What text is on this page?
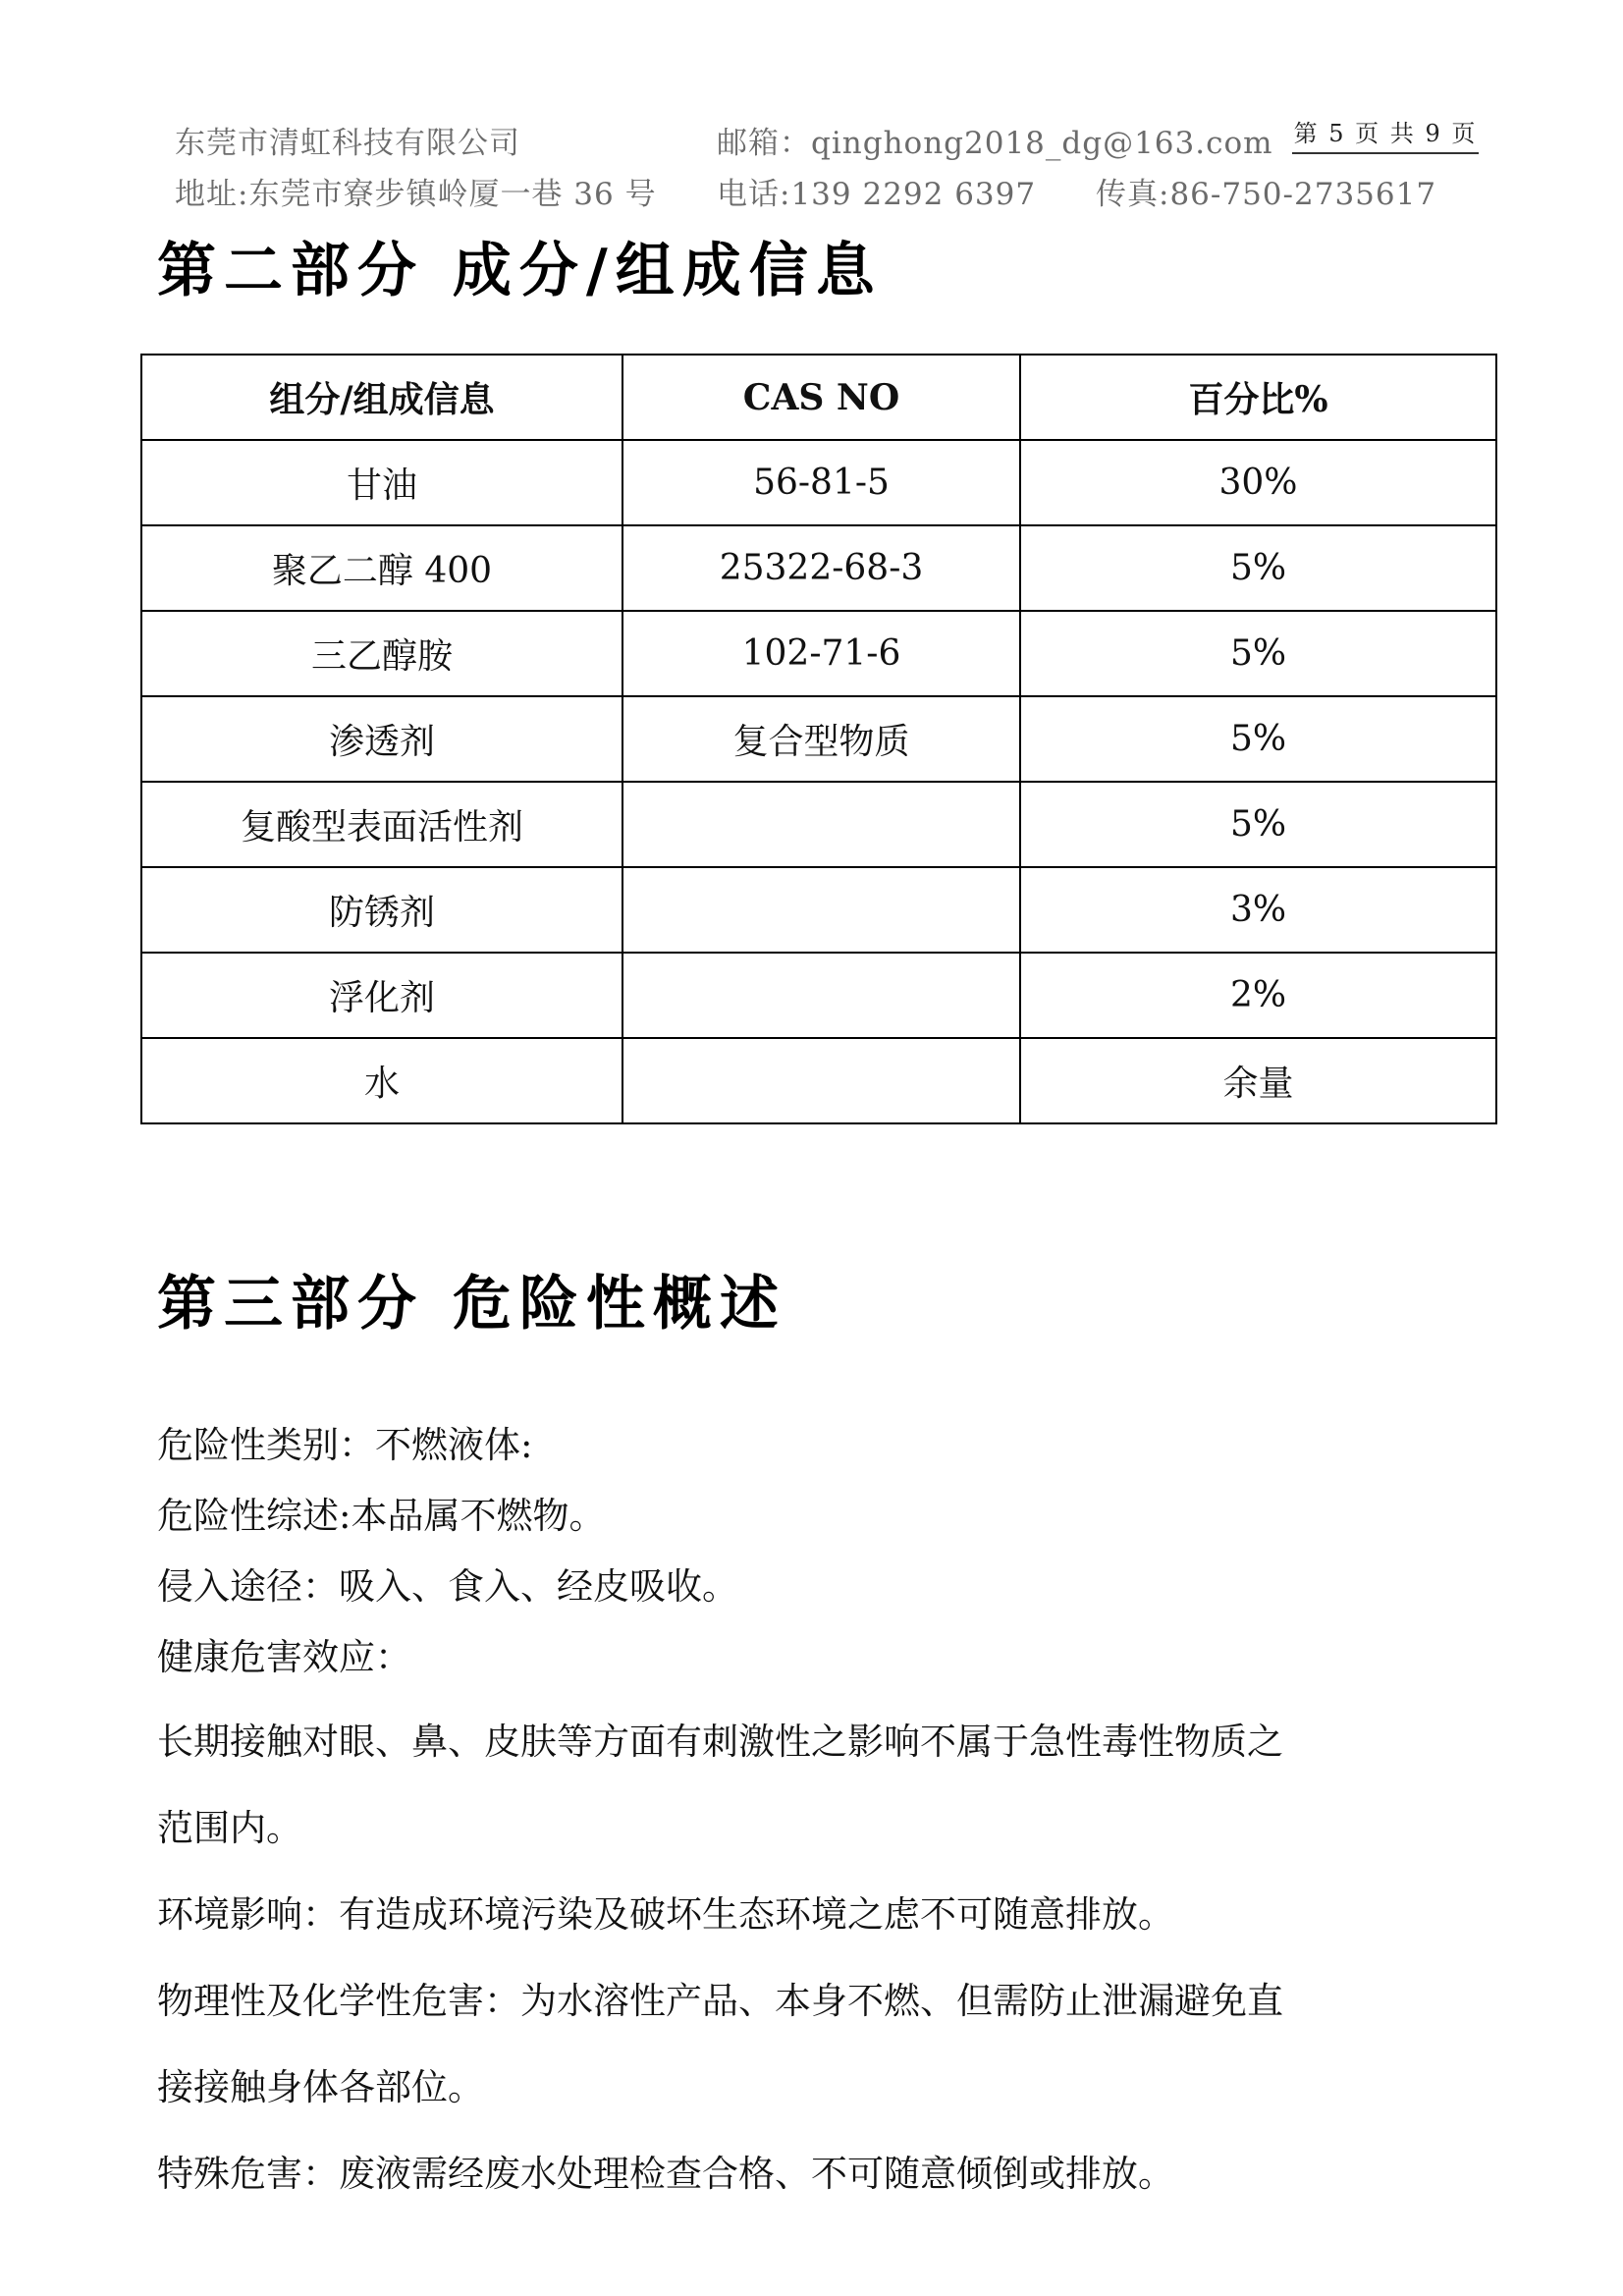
东莞市清虹科技有限公司	邮箱：qinghong2018_dg@163.com 第 5 页 共 9 页
地址:东莞市寮步镇岭厦一巷 36 号 电话:139 2292 6397 传真:86-750-2735617
第二部分 成分/组成信息
组分/组成信息	CAS NO	百分比%
甘油	56-81-5	30%
聚乙二醇 400	25322-68-3	5%
三乙醇胺	102-71-6	5%
渗透剂	复合型物质	5%
复酸型表面活性剂		5%
防锈剂		3%
浮化剂		2%
水		余量
第三部分 危险性概述

危险性类别：不燃液体:

危险性综述:本品属不燃物。

侵入途径：吸入、食入、经皮吸收。

健康危害效应：

长期接触对眼、鼻、皮肤等方面有刺激性之影响不属于急性毒性物质之

范围内。

环境影响：有造成环境污染及破坏生态环境之虑不可随意排放。

物理性及化学性危害：为水溶性产品、本身不燃、但需防止泄漏避免直

接接触身体各部位。

特殊危害：废液需经废水处理检查合格、不可随意倾倒或排放。
